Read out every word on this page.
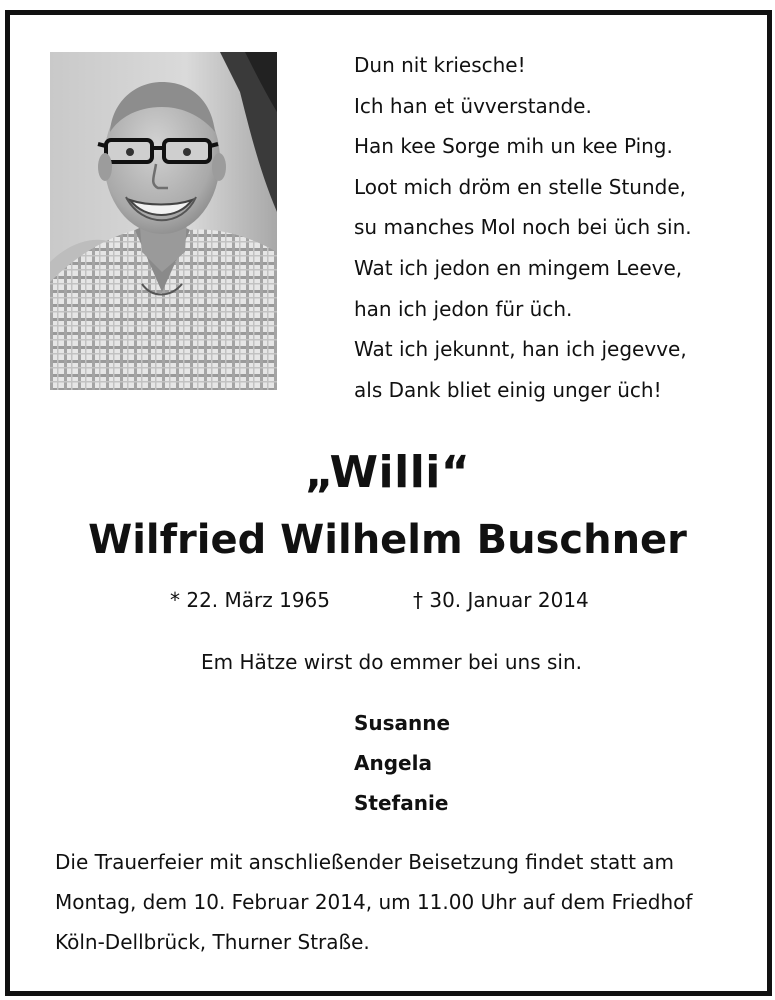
Dun nit kriesche!
Ich han et üvverstande.
Han kee Sorge mih un kee Ping.
Loot mich dröm en stelle Stunde,
su manches Mol noch bei üch sin.
Wat ich jedon en mingem Leeve,
han ich jedon für üch.
Wat ich jekunnt, han ich jegevve,
als Dank bliet einig unger üch!
„Willi“
Wilfried Wilhelm Buschner
* 22. März 1965	† 30. Januar 2014
Em Hätze wirst do emmer bei uns sin.
Susanne
Angela
Stefanie
Die Trauerfeier mit anschließender Beisetzung findet statt am
Montag, dem 10. Februar 2014, um 11.00 Uhr auf dem Friedhof
Köln-Dellbrück, Thurner Straße.
